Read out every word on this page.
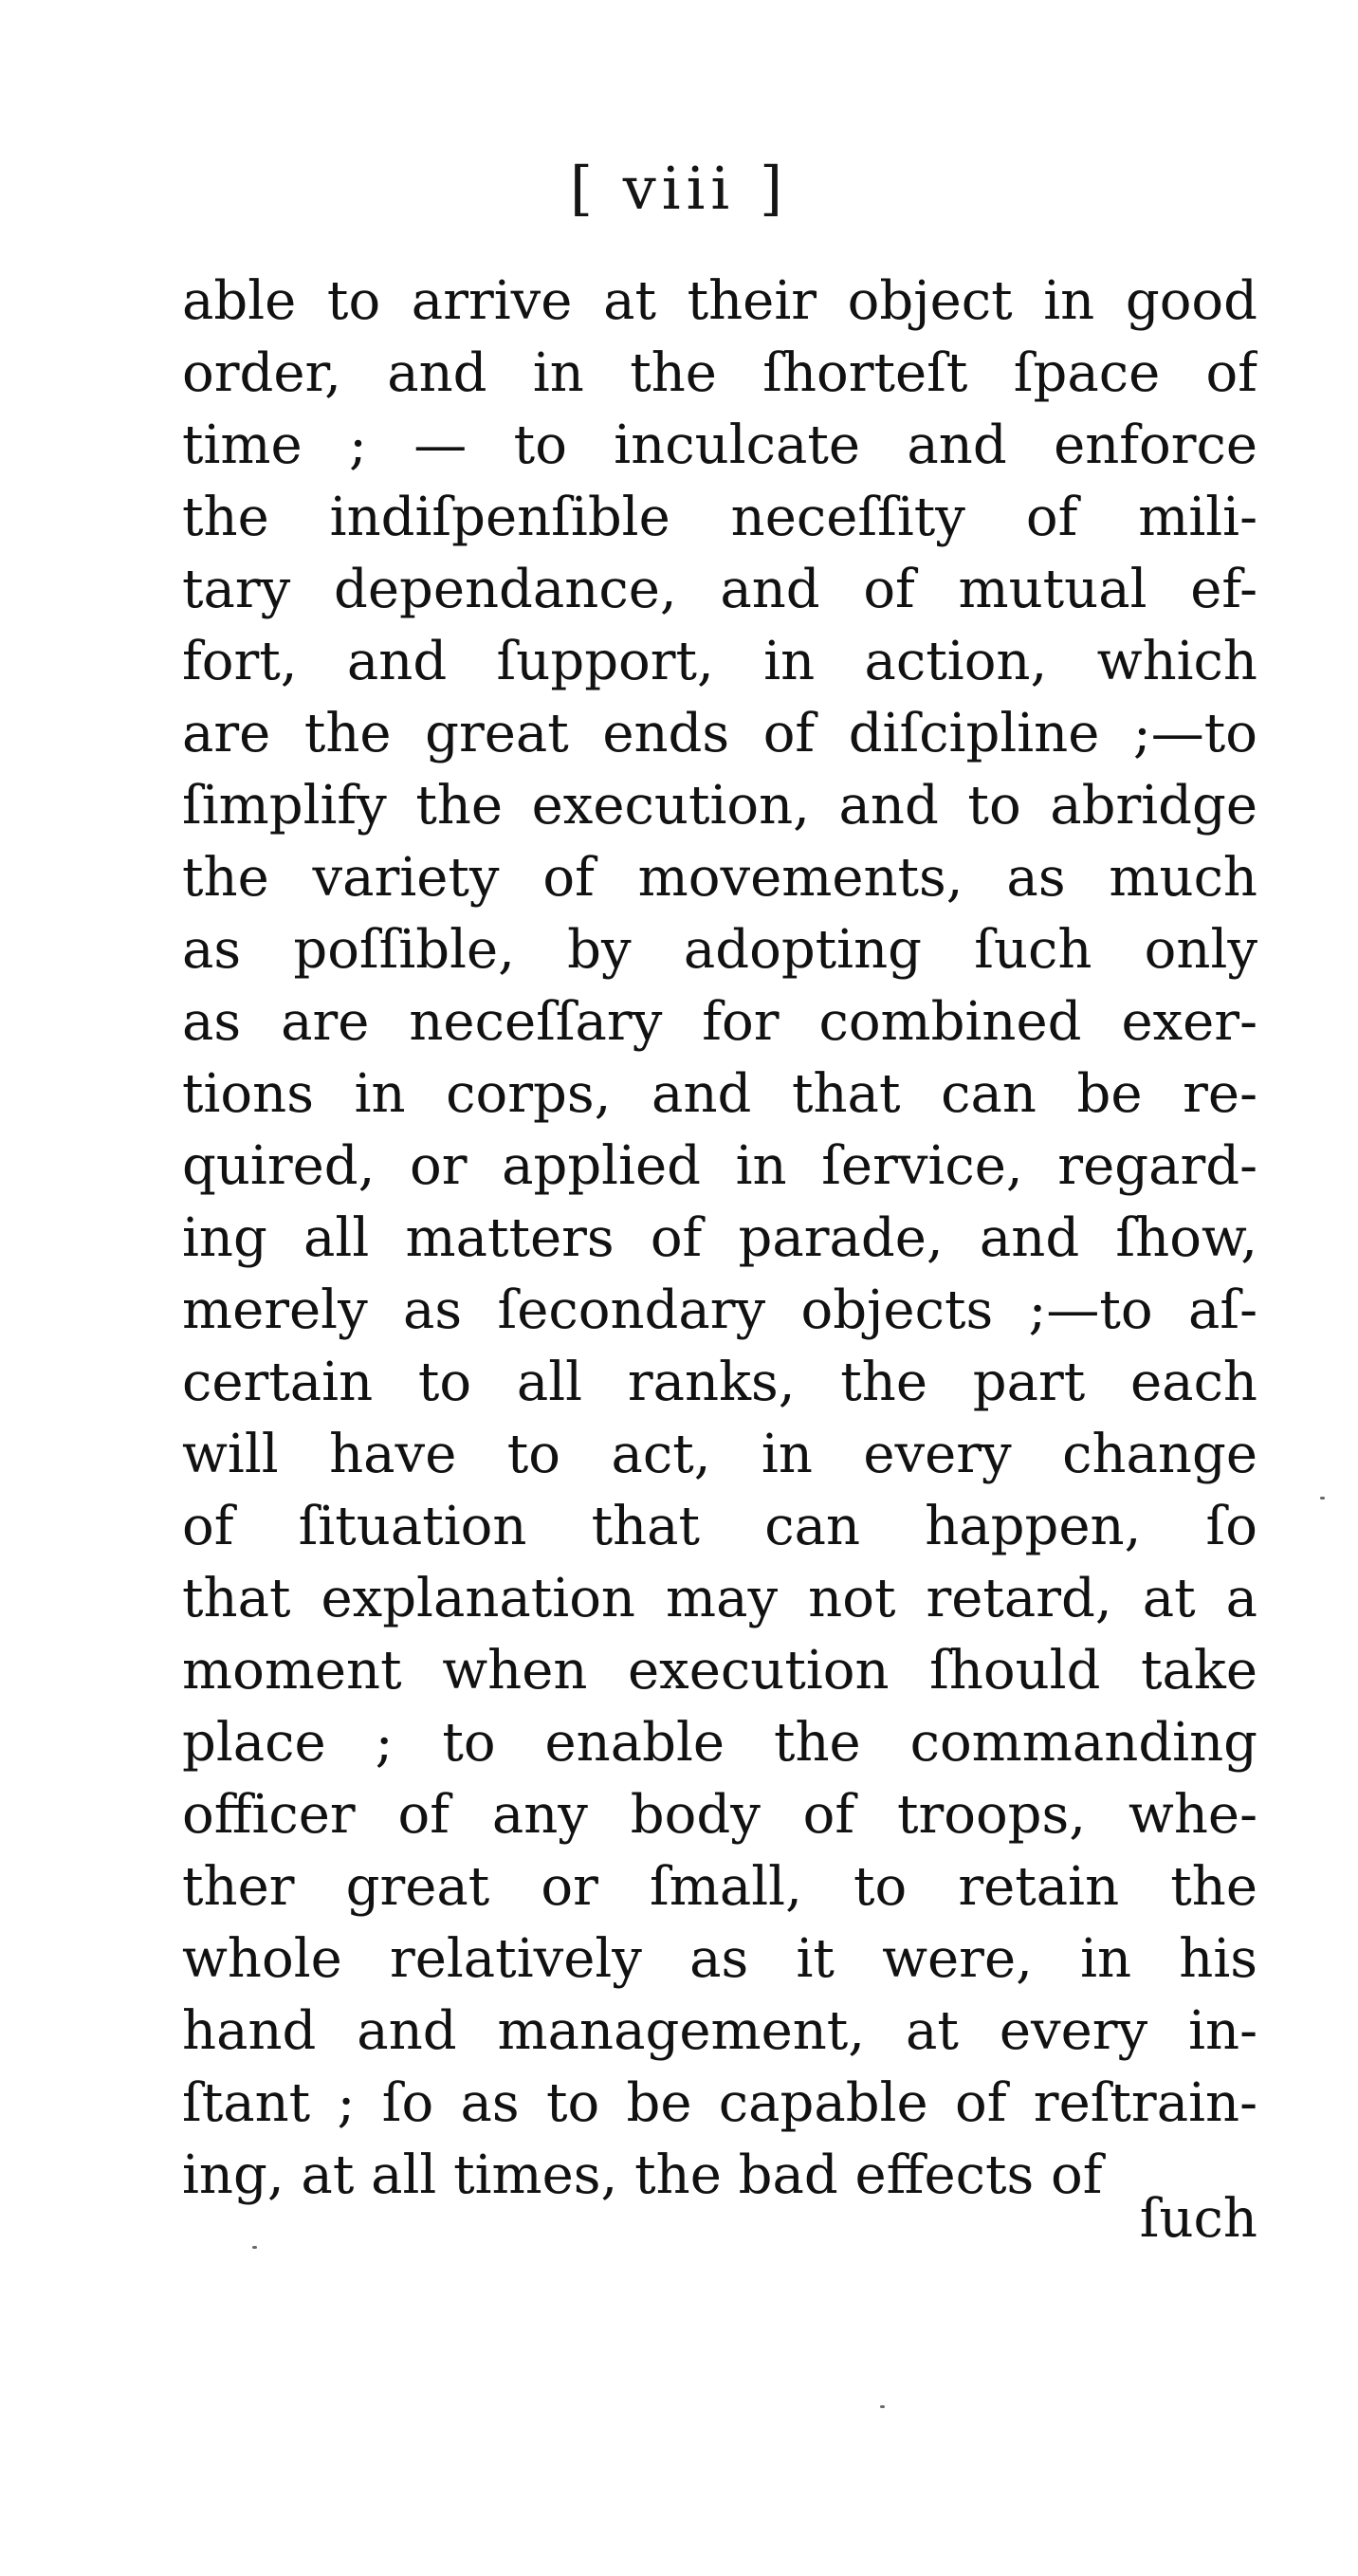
[ viii ]
able to arrive at their object in good
order, and in the ſhorteſt ſpace of
time ; — to inculcate and enforce
the indiſpenſible neceſſity of mili-
tary dependance, and of mutual ef-
fort, and ſupport, in action, which
are the great ends of diſcipline ;—to
ſimplify the execution, and to abridge
the variety of movements, as much
as poſſible, by adopting ſuch only
as are neceſſary for combined exer-
tions in corps, and that can be re-
quired, or applied in ſervice, regard-
ing all matters of parade, and ſhow,
merely as ſecondary objects ;—to aſ-
certain to all ranks, the part each
will have to act, in every change
of ſituation that can happen, ſo
that explanation may not retard, at a
moment when execution ſhould take
place ; to enable the commanding
officer of any body of troops, whe-
ther great or ſmall, to retain the
whole relatively as it were, in his
hand and management, at every in-
ſtant ; ſo as to be capable of reſtrain-
ing, at all times, the bad effects of
ſuch
